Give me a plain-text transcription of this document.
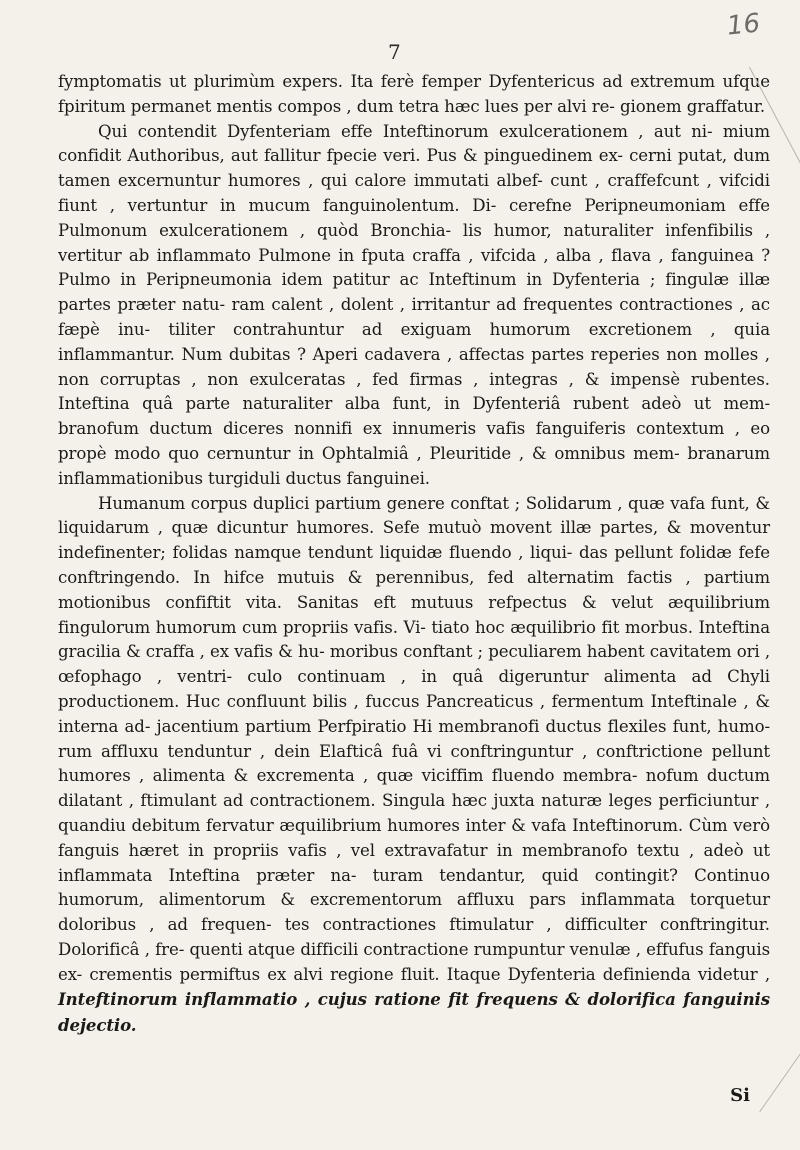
16
7

fymptomatis ut plurimùm expers. Ita ferè femper Dyfentericus ad extremum ufque fpiritum permanet mentis compos , dum tetra hæc lues per alvi re- gionem graffatur.

Qui contendit Dyfenteriam effe Inteftinorum exulcerationem , aut ni- mium confidit Authoribus, aut fallitur fpecie veri. Pus & pinguedinem ex- cerni putat, dum tamen excernuntur humores , qui calore immutati albef- cunt , craffefcunt , vifcidi fiunt , vertuntur in mucum fanguinolentum. Di- cerefne Peripneumoniam effe Pulmonum exulcerationem , quòd Bronchia- lis humor, naturaliter infenfibilis , vertitur ab inflammato Pulmone in fputa craffa , vifcida , alba , flava , fanguinea ? Pulmo in Peripneumonia idem patitur ac Inteftinum in Dyfenteria ; fingulæ illæ partes præter natu- ram calent , dolent , irritantur ad frequentes contractiones , ac fæpè inu- tiliter contrahuntur ad exiguam humorum excretionem , quia inflammantur. Num dubitas ? Aperi cadavera , affectas partes reperies non molles , non corruptas , non exulceratas , fed firmas , integras , & impensè rubentes. Inteftina quâ parte naturaliter alba funt, in Dyfenteriâ rubent adeò ut mem- branofum ductum diceres nonnifi ex innumeris vafis fanguiferis contextum , eo propè modo quo cernuntur in Ophtalmiâ , Pleuritide , & omnibus mem- branarum inflammationibus turgiduli ductus fanguinei.

Humanum corpus duplici partium genere conftat ; Solidarum , quæ vafa funt, & liquidarum , quæ dicuntur humores. Sefe mutuò movent illæ partes, & moventur indefinenter; folidas namque tendunt liquidæ fluendo , liqui- das pellunt folidæ fefe conftringendo. In hifce mutuis & perennibus, fed alternatim factis , partium motionibus confiftit vita. Sanitas eft mutuus refpectus & velut æquilibrium fingulorum humorum cum propriis vafis. Vi- tiato hoc æquilibrio fit morbus. Inteftina gracilia & craffa , ex vafis & hu- moribus conftant ; peculiarem habent cavitatem ori , œfophago , ventri- culo continuam , in quâ digeruntur alimenta ad Chyli productionem. Huc confluunt bilis , fuccus Pancreaticus , fermentum Inteftinale , & interna ad- jacentium partium Perfpiratio Hi membranofi ductus flexiles funt, humo- rum affluxu tenduntur , dein Elafticâ fuâ vi conftringuntur , conftrictione pellunt humores , alimenta & excrementa , quæ viciffim fluendo membra- nofum ductum dilatant , ftimulant ad contractionem. Singula hæc juxta naturæ leges perficiuntur , quandiu debitum fervatur æquilibrium humores inter & vafa Inteftinorum. Cùm verò fanguis hæret in propriis vafis , vel extravafatur in membranofo textu , adeò ut inflammata Inteftina præter na- turam tendantur, quid contingit? Continuo humorum, alimentorum & excrementorum affluxu pars inflammata torquetur doloribus , ad frequen- tes contractiones ftimulatur , difficulter conftringitur. Dolorificâ , fre- quenti atque difficili contractione rumpuntur venulæ , effufus fanguis ex- crementis permiftus ex alvi regione fluit. Itaque Dyfenteria definienda videtur , Inteftinorum inflammatio , cujus ratione fit frequens & dolorifica fanguinis dejectio.

Si
